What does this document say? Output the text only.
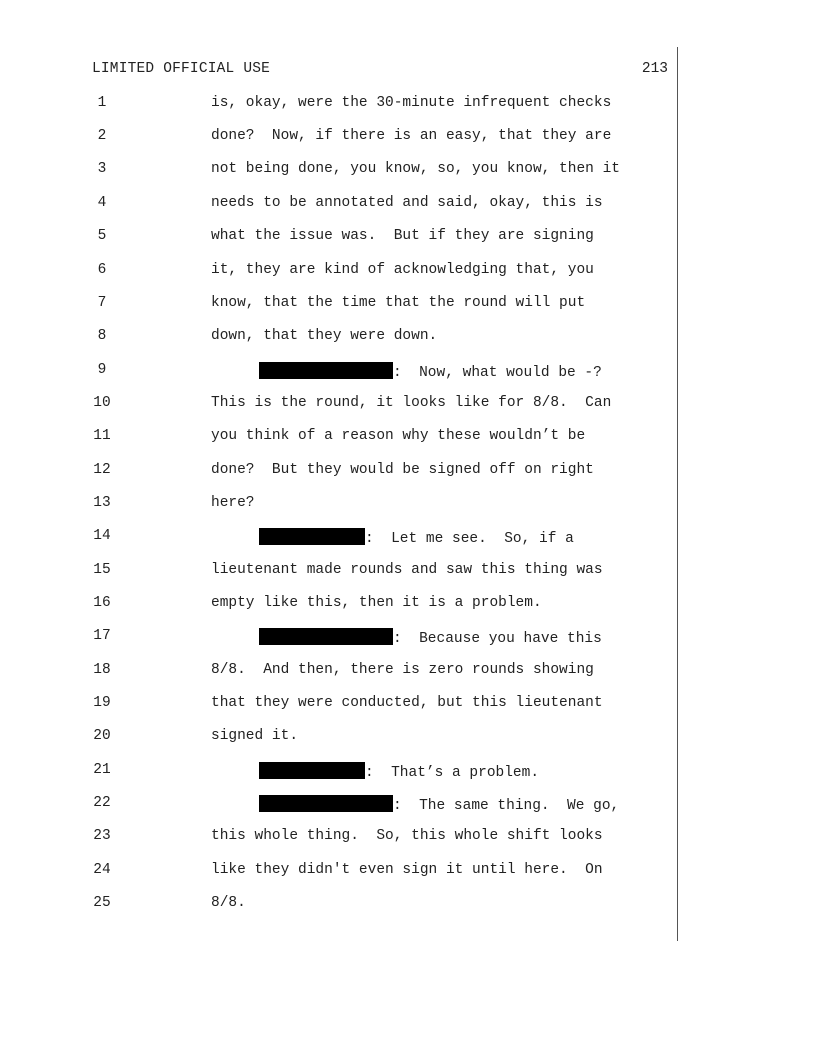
LIMITED OFFICIAL USE	213

1

	is, okay, were the 30-minute infrequent checks

2

	done?  Now, if there is an easy, that they are

3

	not being done, you know, so, you know, then it

4

	needs to be annotated and said, okay, this is

5

	what the issue was.  But if they are signing

6

	it, they are kind of acknowledging that, you

7

	know, that the time that the round will put

8

	down, that they were down.

9

	:  Now, what would be -?

10

	This is the round, it looks like for 8/8.  Can

11

	you think of a reason why these wouldn’t be

12

	done?  But they would be signed off on right

13

	here?

14

	:  Let me see.  So, if a

15

	lieutenant made rounds and saw this thing was

16

	empty like this, then it is a problem.

17

	:  Because you have this

18

	8/8.  And then, there is zero rounds showing

19

	that they were conducted, but this lieutenant

20

	signed it.

21

	:  That’s a problem.

22

	:  The same thing.  We go,

23

	this whole thing.  So, this whole shift looks

24

	like they didn't even sign it until here.  On

25

	8/8.
